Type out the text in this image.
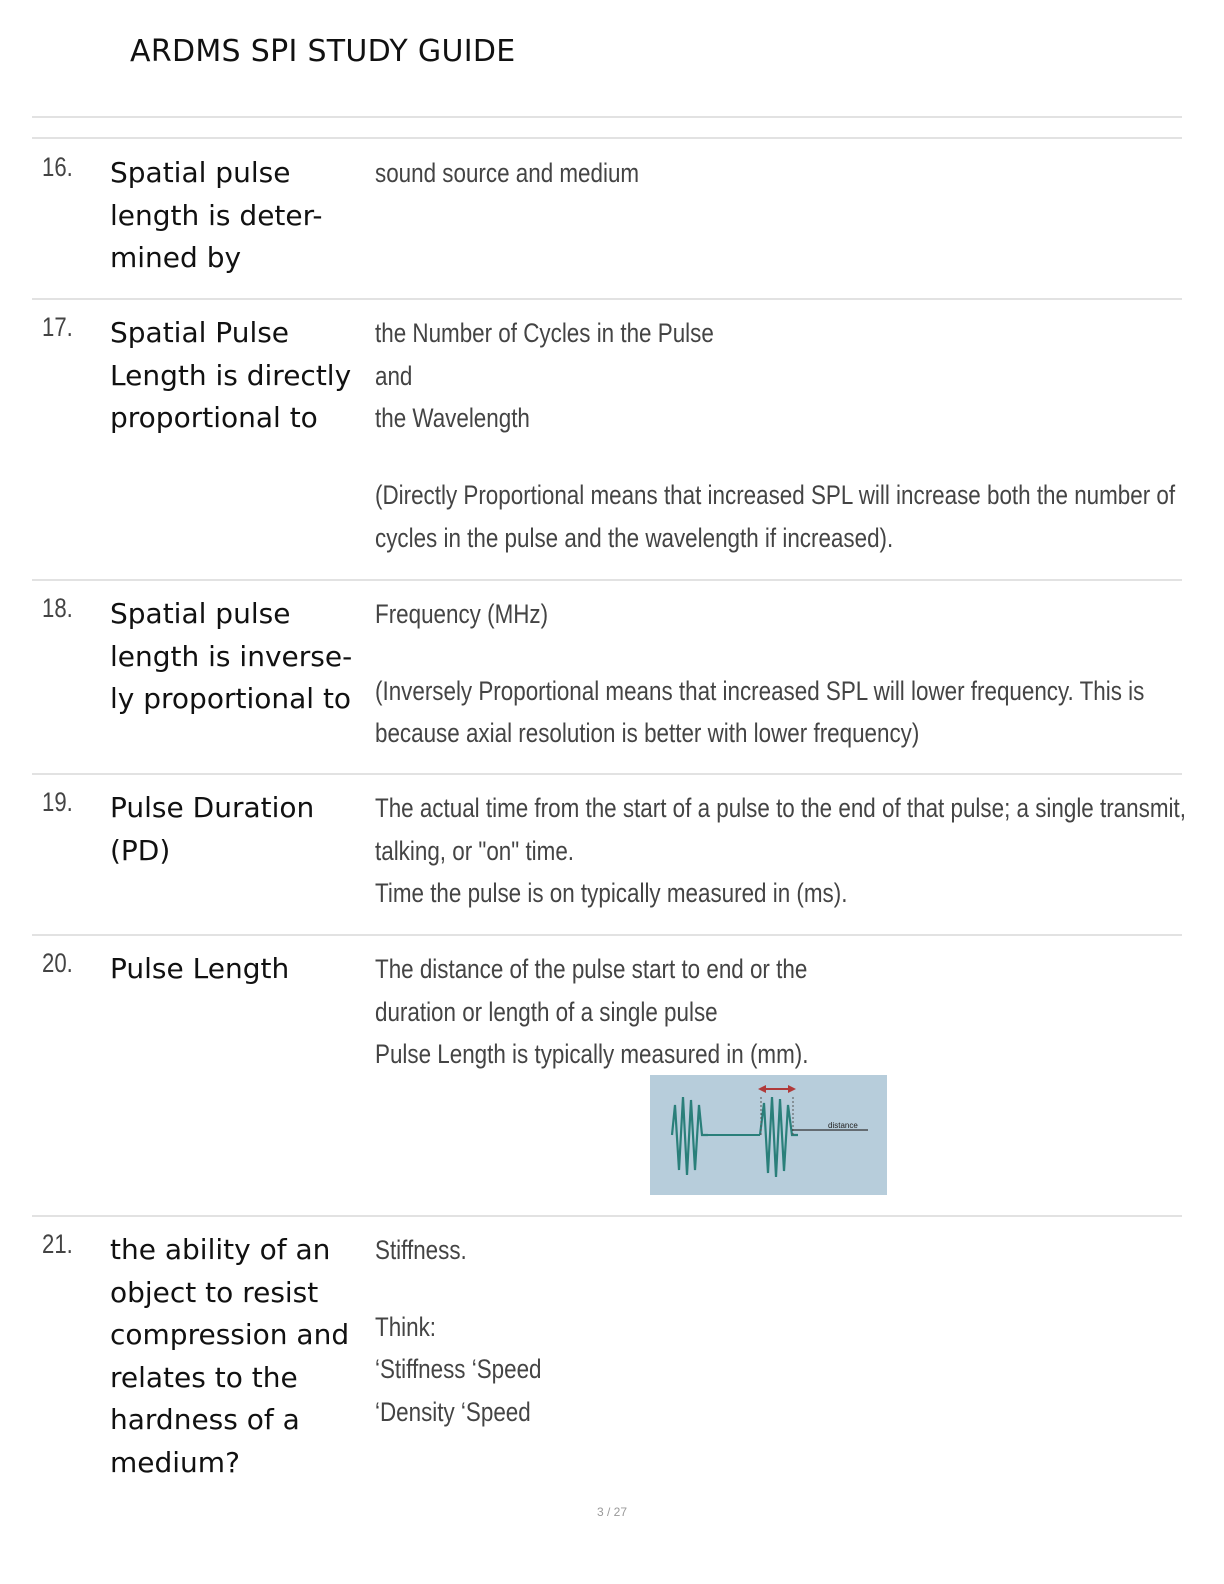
ARDMS SPI STUDY GUIDE
16. Spatial pulse
length is deter-
mined by
sound source and medium
17. Spatial Pulse
Length is directly
proportional to
the Number of Cycles in the Pulse
and
the Wavelength
(Directly Proportional means that increased SPL will increase both the number of
cycles in the pulse and the wavelength if increased).
18. Spatial pulse
length is inverse-
ly proportional to
Frequency (MHz)
(Inversely Proportional means that increased SPL will lower frequency. This is
because axial resolution is better with lower frequency)
19. Pulse Duration
(PD)
The actual time from the start of a pulse to the end of that pulse; a single transmit,
talking, or "on" time.
Time the pulse is on typically measured in (ms).
20. Pulse Length	The distance of the pulse start to end or the
duration or length of a single pulse
Pulse Length is typically measured in (mm).
distance
21. the ability of an
object to resist
compression and
relates to the
hardness of a
medium?
Stiffness.
Think:
‘Stiffness ‘Speed
‘Density ‘Speed
3 / 27
